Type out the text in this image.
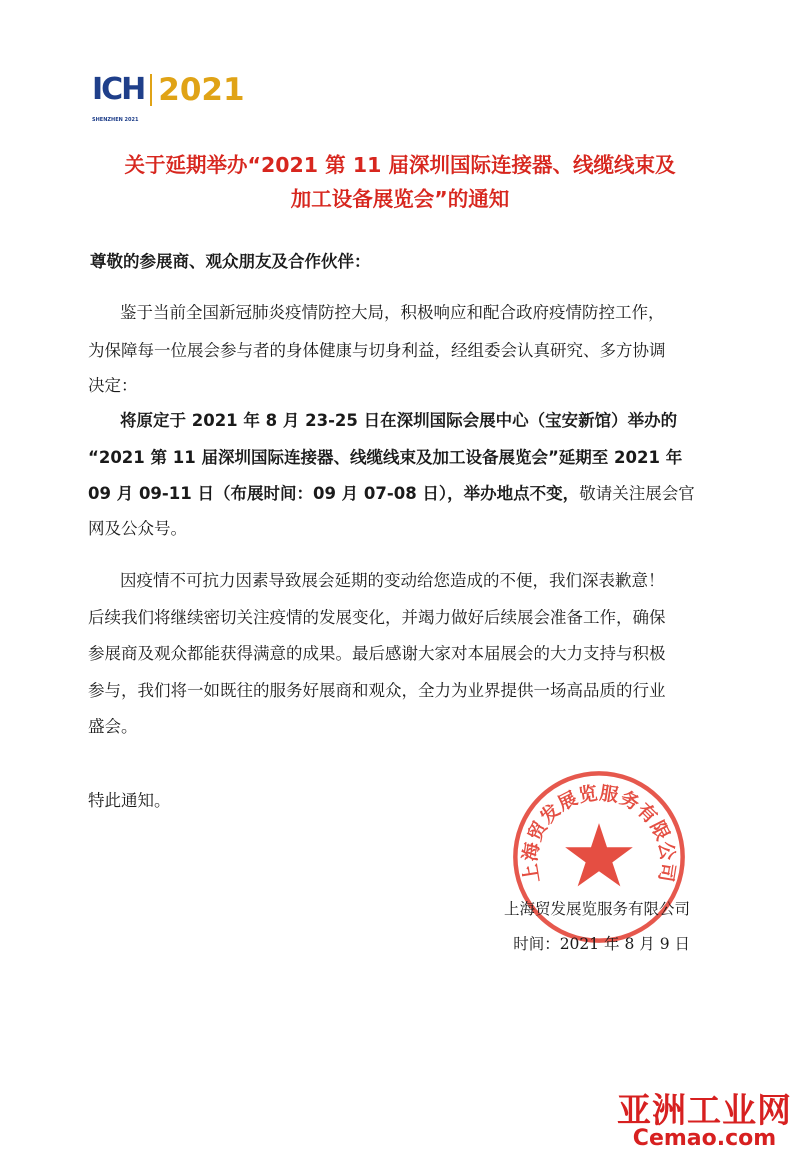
ICH
SHENZHEN 2021
2021
关于延期举办“2021 第 11 届深圳国际连接器、线缆线束及
加工设备展览会”的通知
尊敬的参展商、观众朋友及合作伙伴：
鉴于当前全国新冠肺炎疫情防控大局，积极响应和配合政府疫情防控工作，
为保障每一位展会参与者的身体健康与切身利益，经组委会认真研究、多方协调
决定：
将原定于 2021 年 8 月 23-25 日在深圳国际会展中心（宝安新馆）举办的
“2021 第 11 届深圳国际连接器、线缆线束及加工设备展览会”延期至 2021 年
09 月 09-11 日（布展时间：09 月 07-08 日），举办地点不变，敬请关注展会官
网及公众号。
因疫情不可抗力因素导致展会延期的变动给您造成的不便，我们深表歉意！
后续我们将继续密切关注疫情的发展变化，并竭力做好后续展会准备工作，确保
参展商及观众都能获得满意的成果。最后感谢大家对本届展会的大力支持与积极
参与，我们将一如既往的服务好展商和观众，全力为业界提供一场高品质的行业
盛会。
特此通知。
上海贸发展览服务有限公司
上海贸发展览服务有限公司
时间：2021 年 8 月 9 日
亚洲工业网
Cemao.com
